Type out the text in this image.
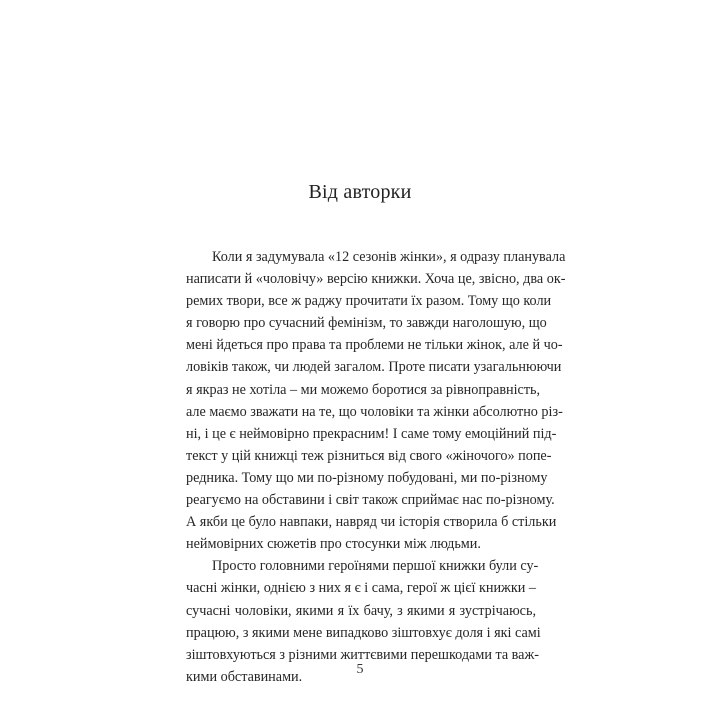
Від авторки
Коли я задумувала «12 сезонів жінки», я одразу планувала
написати й «чоловічу» версію книжки. Хоча це, звісно, два ок-
ремих твори, все ж раджу прочитати їх разом. Тому що коли
я говорю про сучасний фемінізм, то завжди наголошую, що
мені йдеться про права та проблеми не тільки жінок, але й чо-
ловіків також, чи людей загалом. Проте писати узагальнюючи
я якраз не хотіла – ми можемо боротися за рівноправність,
але маємо зважати на те, що чоловіки та жінки абсолютно різ-
ні, і це є неймовірно прекрасним! І саме тому емоційний під-
текст у цій книжці теж різниться від свого «жіночого» попе-
редника. Тому що ми по-різному побудовані, ми по-різному
реагуємо на обставини і світ також сприймає нас по-різному.
А якби це було навпаки, навряд чи історія створила б стільки
неймовірних сюжетів про стосунки між людьми.
Просто головними героїнями першої книжки були су-
часні жінки, однією з них я є і сама, герої ж цієї книжки –
сучасні чоловіки, якими я їх бачу, з якими я зустрічаюсь,
працюю, з якими мене випадково зіштовхує доля і які самі
зіштовхуються з різними життєвими перешкодами та важ-
кими обставинами.	5
